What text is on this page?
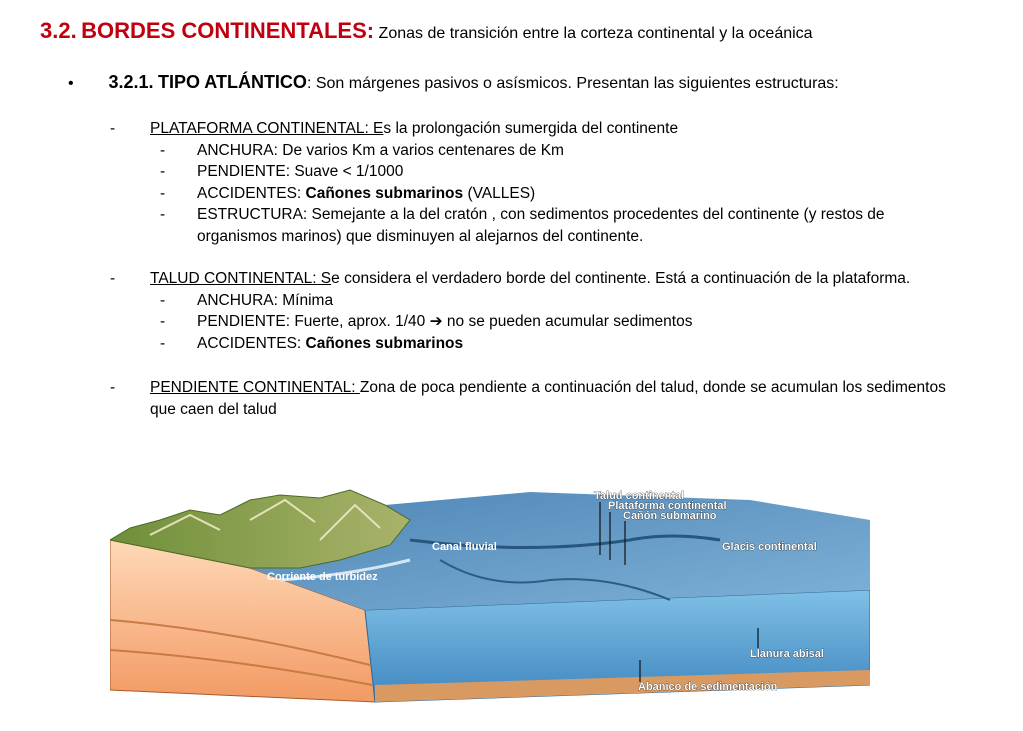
3.2. BORDES CONTINENTALES: Zonas de transición entre la corteza continental y la oceánica
• 3.2.1. TIPO ATLÁNTICO: Son márgenes pasivos o asísmicos. Presentan las siguientes estructuras:
- PLATAFORMA CONTINENTAL: Es la prolongación sumergida del continente
- ANCHURA: De varios Km a varios centenares de Km
- PENDIENTE: Suave < 1/1000
- ACCIDENTES: Cañones submarinos (VALLES)
- ESTRUCTURA: Semejante a la del cratón , con sedimentos procedentes del continente (y restos de
organismos marinos) que disminuyen al alejarnos del continente.
- TALUD CONTINENTAL: Se considera el verdadero borde del continente. Está a continuación de la plataforma.
- ANCHURA: Mínima
- PENDIENTE: Fuerte, aprox. 1/40 ➔ no se pueden acumular sedimentos
- ACCIDENTES: Cañones submarinos
- PENDIENTE CONTINENTAL: Zona de poca pendiente a continuación del talud, donde se acumulan los sedimentos
que caen del talud
Talud continental
Plataforma continental
Cañón submarino
Glacis continental
Canal fluvial
Corriente de turbidez
Llanura abisal
Abanico de sedimentación
